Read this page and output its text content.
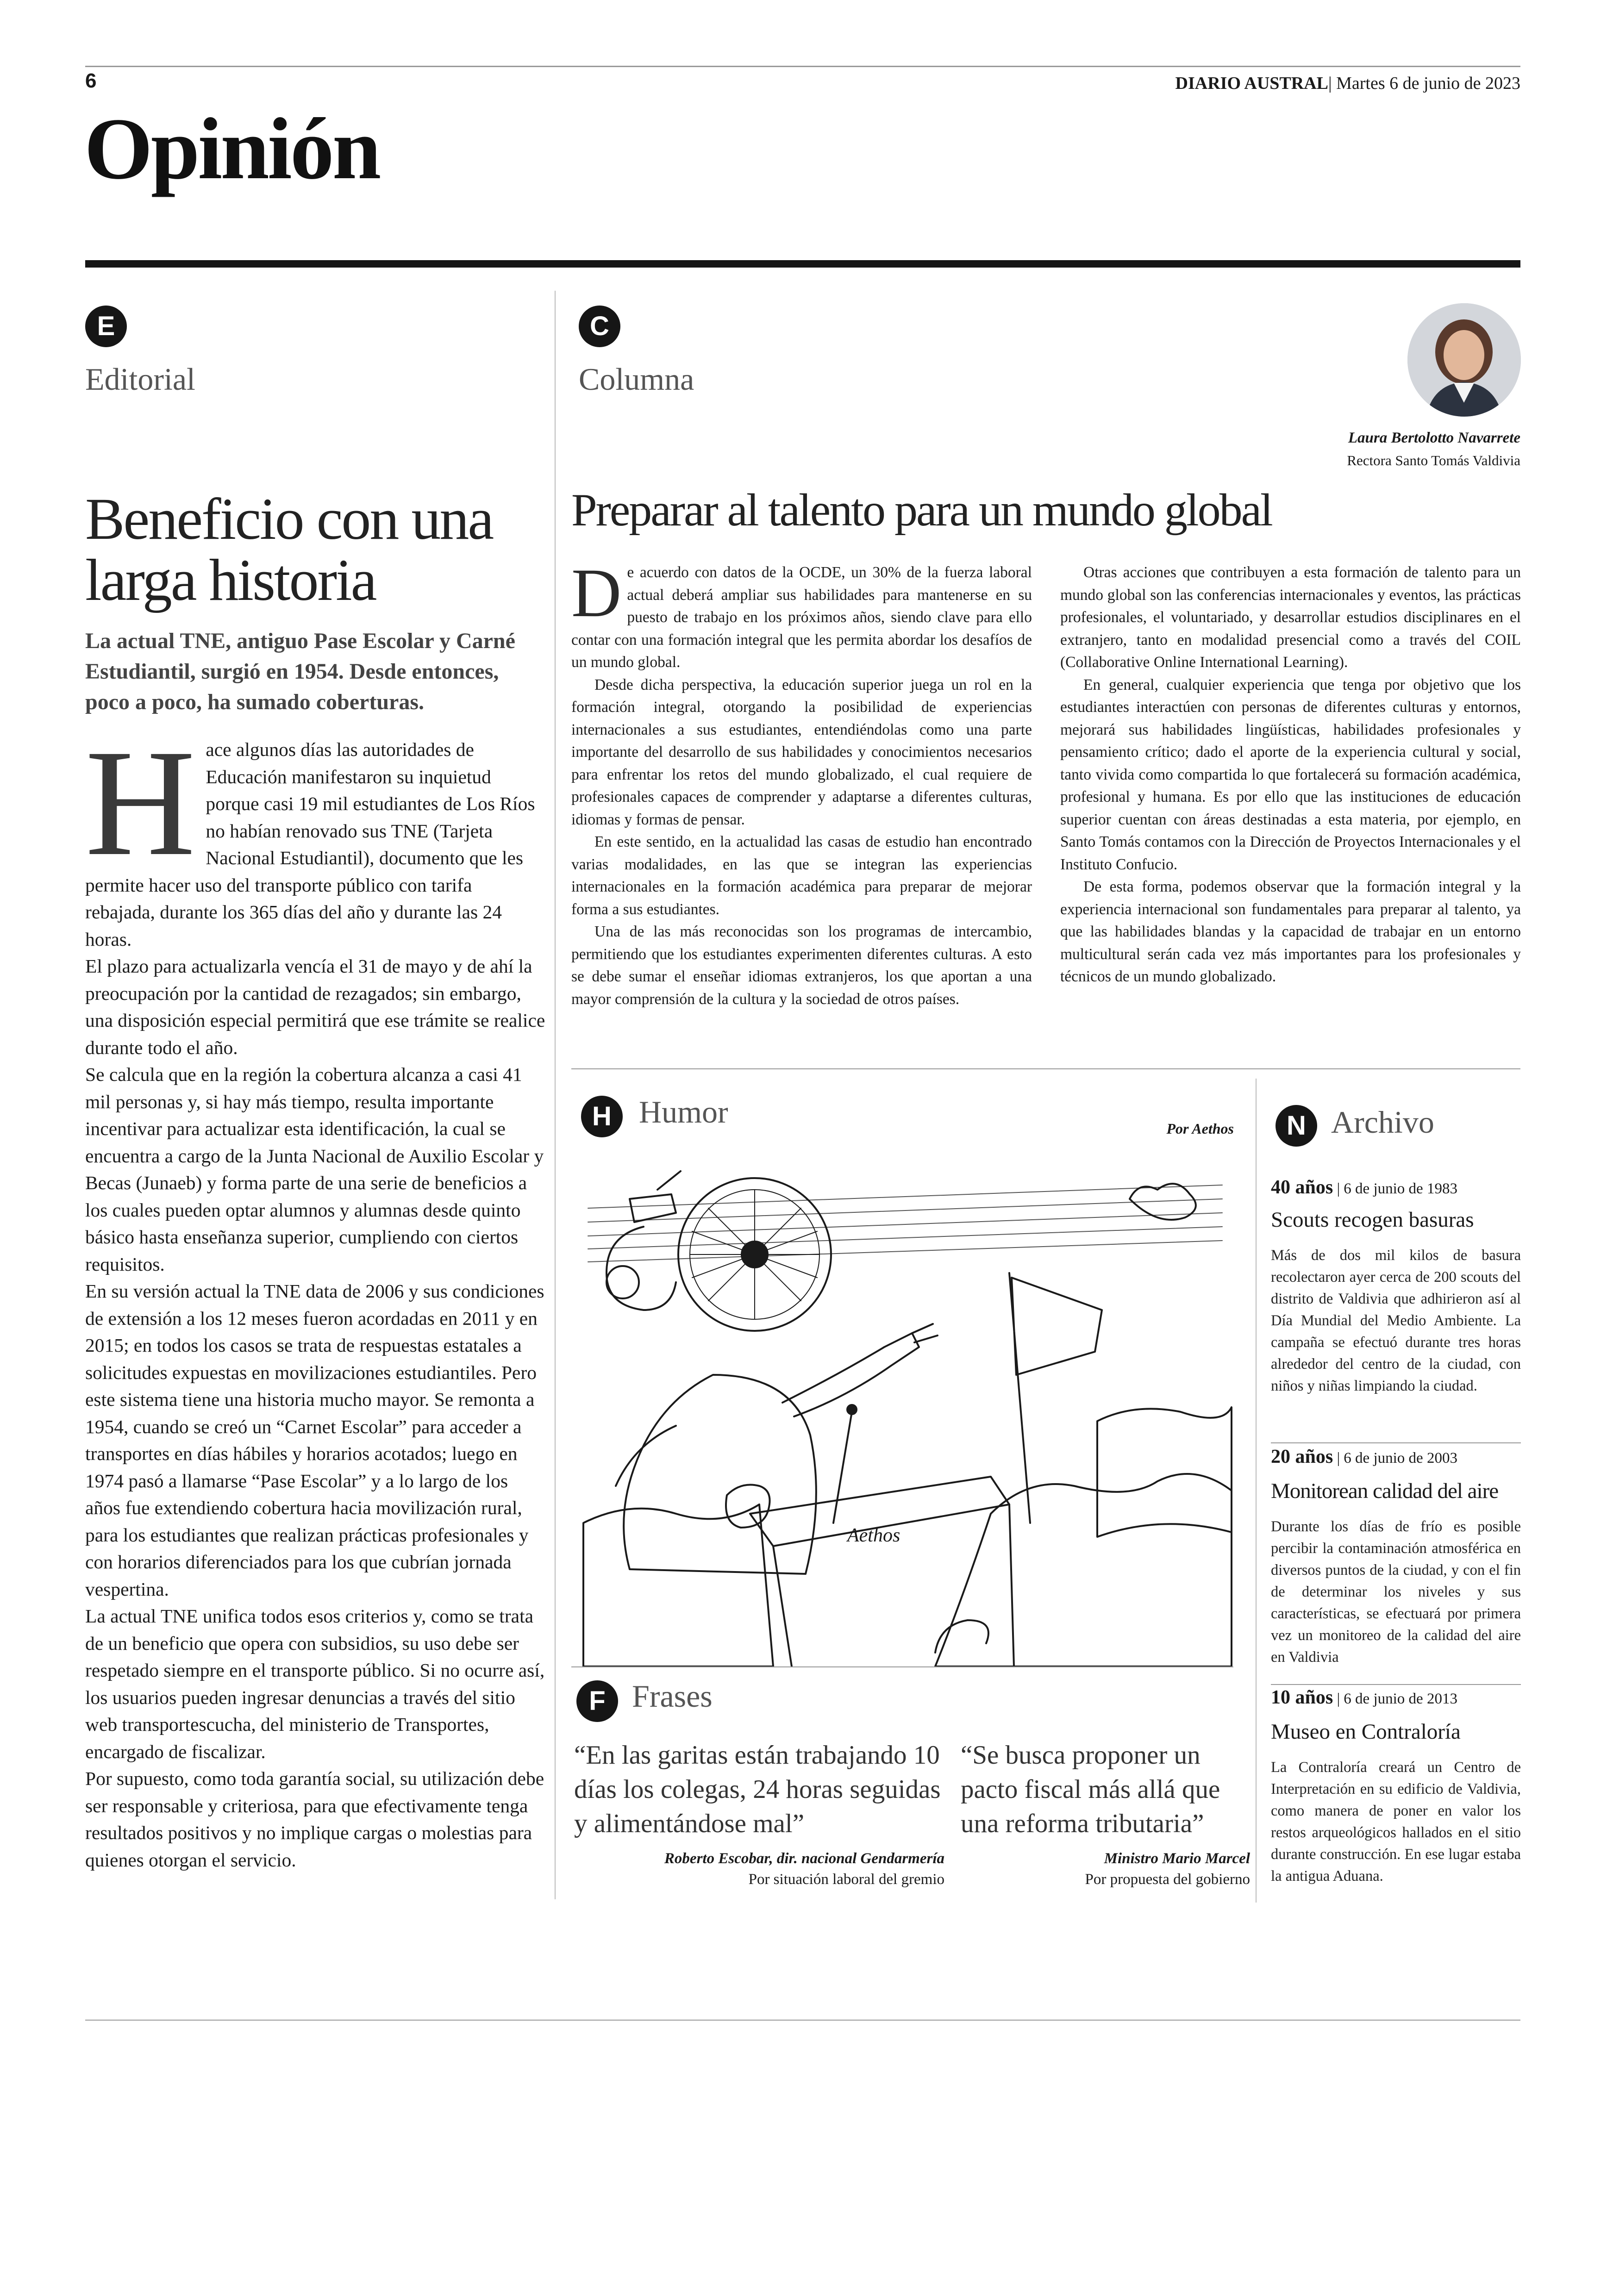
6	DIARIO AUSTRAL| Martes 6 de junio de 2023
Opinión
E
Editorial
Beneficio con una
larga historia
La actual TNE, antiguo Pase Escolar y Carné Estudiantil, surgió en 1954. Desde entonces, poco a poco, ha sumado coberturas.

Hace algunos días las autoridades de Educación manifestaron su inquietud porque casi 19 mil estudiantes de Los Ríos no habían renovado sus TNE (Tarjeta Nacional Estudiantil), documento que les permite hacer uso del transporte público con tarifa rebajada, durante los 365 días del año y durante las 24 horas.

El plazo para actualizarla vencía el 31 de mayo y de ahí la preocupación por la cantidad de rezagados; sin embargo, una disposición especial permitirá que ese trámite se realice durante todo el año.

Se calcula que en la región la cobertura alcanza a casi 41 mil personas y, si hay más tiempo, resulta importante incentivar para actualizar esta identificación, la cual se encuentra a cargo de la Junta Nacional de Auxilio Escolar y Becas (Junaeb) y forma parte de una serie de beneficios a los cuales pueden optar alumnos y alumnas desde quinto básico hasta enseñanza superior, cumpliendo con ciertos requisitos.

En su versión actual la TNE data de 2006 y sus condiciones de extensión a los 12 meses fueron acordadas en 2011 y en 2015; en todos los casos se trata de respuestas estatales a solicitudes expuestas en movilizaciones estudiantiles. Pero este sistema tiene una historia mucho mayor. Se remonta a 1954, cuando se creó un “Carnet Escolar” para acceder a transportes en días hábiles y horarios acotados; luego en 1974 pasó a llamarse “Pase Escolar” y a lo largo de los años fue extendiendo cobertura hacia movilización rural, para los estudiantes que realizan prácticas profesionales y con horarios diferenciados para los que cubrían jornada vespertina.

La actual TNE unifica todos esos criterios y, como se trata de un beneficio que opera con subsidios, su uso debe ser respetado siempre en el transporte público. Si no ocurre así, los usuarios pueden ingresar denuncias a través del sitio web transportescucha, del ministerio de Transportes, encargado de fiscalizar.

Por supuesto, como toda garantía social, su utilización debe ser responsable y criteriosa, para que efectivamente tenga resultados positivos y no implique cargas o molestias para quienes otorgan el servicio.

C
Columna
Laura Bertolotto Navarrete
Rectora Santo Tomás Valdivia
Preparar al talento para un mundo global

De acuerdo con datos de la OCDE, un 30% de la fuerza laboral actual deberá ampliar sus habilidades para mantenerse en su puesto de trabajo en los próximos años, siendo clave para ello contar con una formación integral que les permita abordar los desafíos de un mundo global.

Desde dicha perspectiva, la educación superior juega un rol en la formación integral, otorgando la posibilidad de experiencias internacionales a sus estudiantes, entendiéndolas como una parte importante del desarrollo de sus habilidades y conocimientos necesarios para enfrentar los retos del mundo globalizado, el cual requiere de profesionales capaces de comprender y adaptarse a diferentes culturas, idiomas y formas de pensar.

En este sentido, en la actualidad las casas de estudio han encontrado varias modalidades, en las que se integran las experiencias internacionales en la formación académica para preparar de mejorar forma a sus estudiantes.

Una de las más reconocidas son los programas de intercambio, permitiendo que los estudiantes experimenten diferentes culturas. A esto se debe sumar el enseñar idiomas extranjeros, los que aportan a una mayor comprensión de la cultura y la sociedad de otros países.

Otras acciones que contribuyen a esta formación de talento para un mundo global son las conferencias internacionales y eventos, las prácticas profesionales, el voluntariado, y desarrollar estudios disciplinares en el extranjero, tanto en modalidad presencial como a través del COIL (Collaborative Online International Learning).

En general, cualquier experiencia que tenga por objetivo que los estudiantes interactúen con personas de diferentes culturas y entornos, mejorará sus habilidades lingüísticas, habilidades profesionales y pensamiento crítico; dado el aporte de la experiencia cultural y social, tanto vivida como compartida lo que fortalecerá su formación académica, profesional y humana. Es por ello que las instituciones de educación superior cuentan con áreas destinadas a esta materia, por ejemplo, en Santo Tomás contamos con la Dirección de Proyectos Internacionales y el Instituto Confucio.

De esta forma, podemos observar que la formación integral y la experiencia internacional son fundamentales para preparar al talento, ya que las habilidades blandas y la capacidad de trabajar en un entorno multicultural serán cada vez más importantes para los profesionales y técnicos de un mundo globalizado.

H Humor	Por Aethos
Aethos
F Frases
“En las garitas están trabajando 10 días los colegas, 24 horas seguidas y alimentándose mal”
Roberto Escobar, dir. nacional Gendarmería
Por situación laboral del gremio
“Se busca proponer un pacto fiscal más allá que una reforma tributaria”
Ministro Mario Marcel
Por propuesta del gobierno
N Archivo
40 años | 6 de junio de 1983
Scouts recogen basuras

Más de dos mil kilos de basura recolectaron ayer cerca de 200 scouts del distrito de Valdivia que adhirieron así al Día Mundial del Medio Ambiente. La campaña se efectuó durante tres horas alrededor del centro de la ciudad, con niños y niñas limpiando la ciudad.

20 años | 6 de junio de 2003
Monitorean calidad del aire

Durante los días de frío es posible percibir la contaminación atmosférica en diversos puntos de la ciudad, y con el fin de determinar los niveles y sus características, se efectuará por primera vez un monitoreo de la calidad del aire en Valdivia

10 años | 6 de junio de 2013
Museo en Contraloría

La Contraloría creará un Centro de Interpretación en su edificio de Valdivia, como manera de poner en valor los restos arqueológicos hallados en el sitio durante construcción. En ese lugar estaba la antigua Aduana.
